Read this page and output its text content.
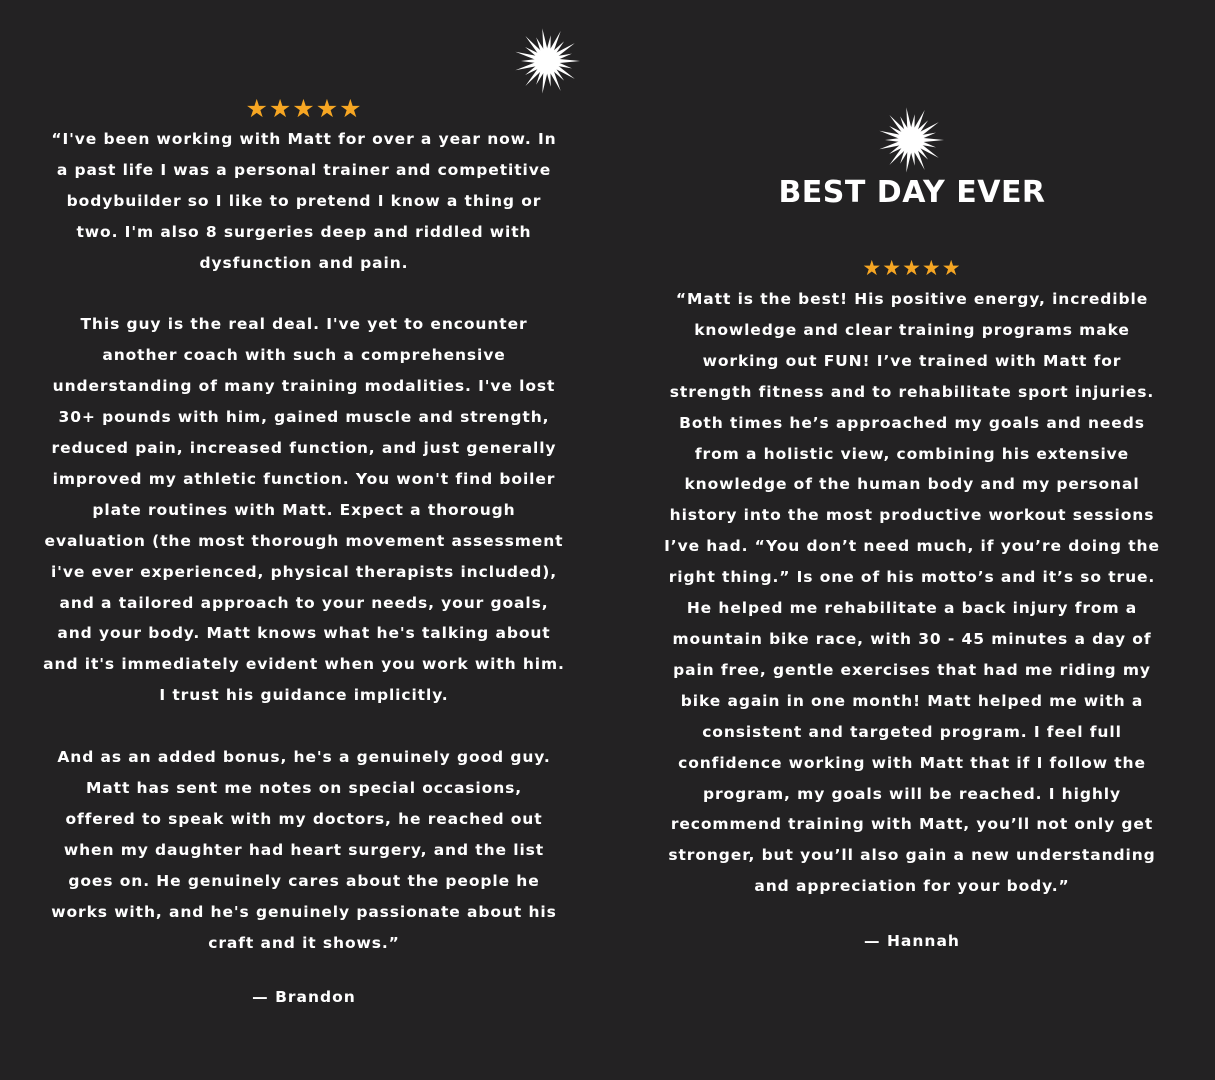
★★★★★

“I've been working with Matt for over a year now. In a past life I was a personal trainer and competitive bodybuilder so I like to pretend I know a thing or two. I'm also 8 surgeries deep and riddled with dysfunction and pain.

This guy is the real deal. I've yet to encounter another coach with such a comprehensive understanding of many training modalities. I've lost 30+ pounds with him, gained muscle and strength, reduced pain, increased function, and just generally improved my athletic function. You won't find boiler plate routines with Matt. Expect a thorough evaluation (the most thorough movement assessment i've ever experienced, physical therapists included), and a tailored approach to your needs, your goals, and your body. Matt knows what he's talking about and it's immediately evident when you work with him. I trust his guidance implicitly.

And as an added bonus, he's a genuinely good guy. Matt has sent me notes on special occasions, offered to speak with my doctors, he reached out when my daughter had heart surgery, and the list goes on. He genuinely cares about the people he works with, and he's genuinely passionate about his craft and it shows.”

— Brandon
BEST DAY EVER
★★★★★

“Matt is the best! His positive energy, incredible knowledge and clear training programs make working out FUN! I’ve trained with Matt for strength fitness and to rehabilitate sport injuries. Both times he’s approached my goals and needs from a holistic view, combining his extensive knowledge of the human body and my personal history into the most productive workout sessions I’ve had. “You don’t need much, if you’re doing the right thing.” Is one of his motto’s and it’s so true. He helped me rehabilitate a back injury from a mountain bike race, with 30 - 45 minutes a day of pain free, gentle exercises that had me riding my bike again in one month! Matt helped me with a consistent and targeted program. I feel full confidence working with Matt that if I follow the program, my goals will be reached. I highly recommend training with Matt, you’ll not only get stronger, but you’ll also gain a new understanding and appreciation for your body.”

— Hannah
